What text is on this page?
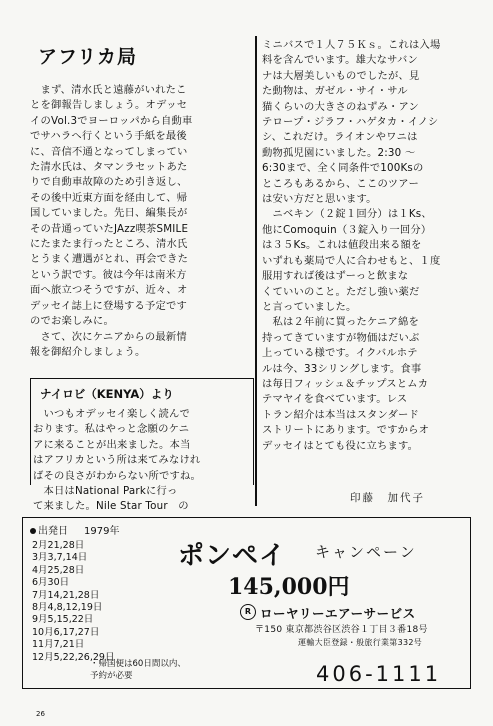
アフリカ局
ミニバスで１人７５Ｋｓ。これは入場
料を含んでいます。雄大なサバン
ナは大層美しいものでしたが、見
た動物は、ガゼル・サイ・サル
猫くらいの大きさのねずみ・アン
テロープ・ジラフ・ハゲタカ・イノシ
シ、これだけ。ライオンやワニは
動物孤児園にいました。2:30 〜
6:30まで、全く同条件で100Ksの
ところもあるから、ここのツアー
は安い方だと思います。
　ニベキン（２錠１回分）は１Ks、
他にComoquin（３錠入り一回分）
は３５Ks。これは値段出来る額を
いずれも薬局で人に合わせもと、１度
服用すれば後はずーっと飲まな
くていいのこと。ただし強い薬だ
と言っていました。
　私は２年前に買ったケニア綿を
持ってきていますが物価はだいぶ
上っている様です。イクバルホテ
ルは今、33シリングします。食事
は毎日フィッシュ＆チップスとムカ
テマヤイを食べています。レス
トラン紹介は本当はスタンダード
ストリートにあります。ですからオ
デッセイはとても役に立ちます。
　まず、清水氏と遠藤がいれたこ
とを御報告しましょう。オデッセ
イのVol.3でヨーロッパから自動車
でサハラへ行くという手紙を最後
に、音信不通となってしまってい
た清水氏は、タマンラセットあた
りで自動車故障のため引き返し、
その後中近東方面を経由して、帰
国していました。先日、編集長が
その昔通っていたJAzz喫茶SMILE
にたまたま行ったところ、清水氏
とうまく遭遇がとれ、再会できた
という訳です。彼は今年は南米方
面へ旅立つそうですが、近々、オ
デッセイ誌上に登場する予定です
のでお楽しみに。
　さて、次にケニアからの最新情
報を御紹介しましょう。
ナイロビ（KENYA）より
　いつもオデッセイ楽しく読んで
おります。私はやっと念願のケニ
アに来ることが出来ました。本当
はアフリカという所は来てみなけれ
ばその良さがわからない所ですね。
　本日はNational Parkに行っ
て来ました。Nile Star Tour　の
印藤　加代子
出発日 1979年
2月21,28日
3月3,7,14日
4月25,28日
6月30日
7月14,21,28日
8月4,8,12,19日
9月5,15,22日
10月6,17,27日
11月7,21日
12月5,22,26,29日
・帰国便は60日間以内、
予約が必要
ポンペイ キャンペーン
145,000円
R ローヤリーエアーサービス
〒150 東京都渋谷区渋谷１丁目３番18号
運輸大臣登録・般旅行業第332号
406-1111
26
